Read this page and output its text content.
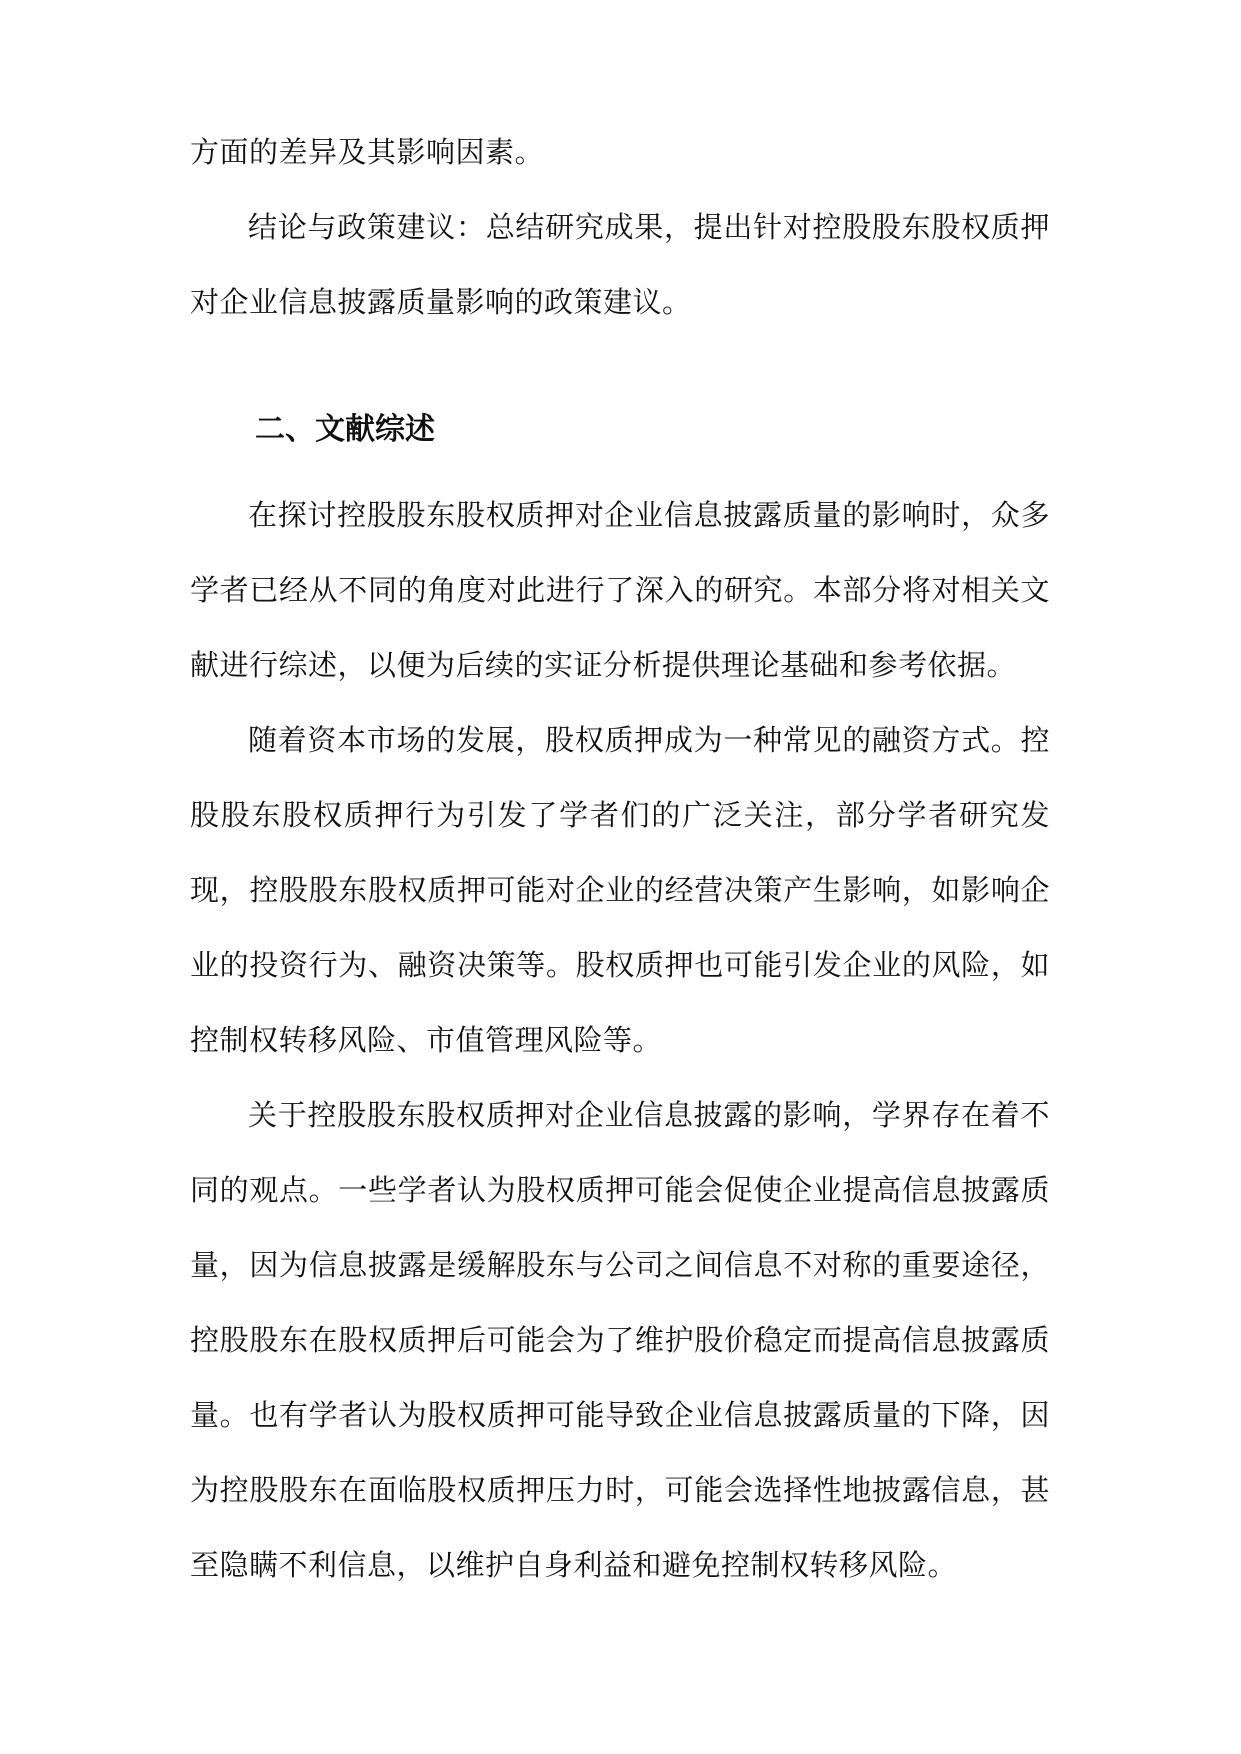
方面的差异及其影响因素。

结论与政策建议：总结研究成果，提出针对控股股东股权质押对企业信息披露质量影响的政策建议。

二、文献综述

在探讨控股股东股权质押对企业信息披露质量的影响时，众多学者已经从不同的角度对此进行了深入的研究。本部分将对相关文献进行综述，以便为后续的实证分析提供理论基础和参考依据。

随着资本市场的发展，股权质押成为一种常见的融资方式。控股股东股权质押行为引发了学者们的广泛关注，部分学者研究发现，控股股东股权质押可能对企业的经营决策产生影响，如影响企业的投资行为、融资决策等。股权质押也可能引发企业的风险，如控制权转移风险、市值管理风险等。

关于控股股东股权质押对企业信息披露的影响，学界存在着不同的观点。一些学者认为股权质押可能会促使企业提高信息披露质量，因为信息披露是缓解股东与公司之间信息不对称的重要途径，控股股东在股权质押后可能会为了维护股价稳定而提高信息披露质量。也有学者认为股权质押可能导致企业信息披露质量的下降，因为控股股东在面临股权质押压力时，可能会选择性地披露信息，甚至隐瞒不利信息，以维护自身利益和避免控制权转移风险。
